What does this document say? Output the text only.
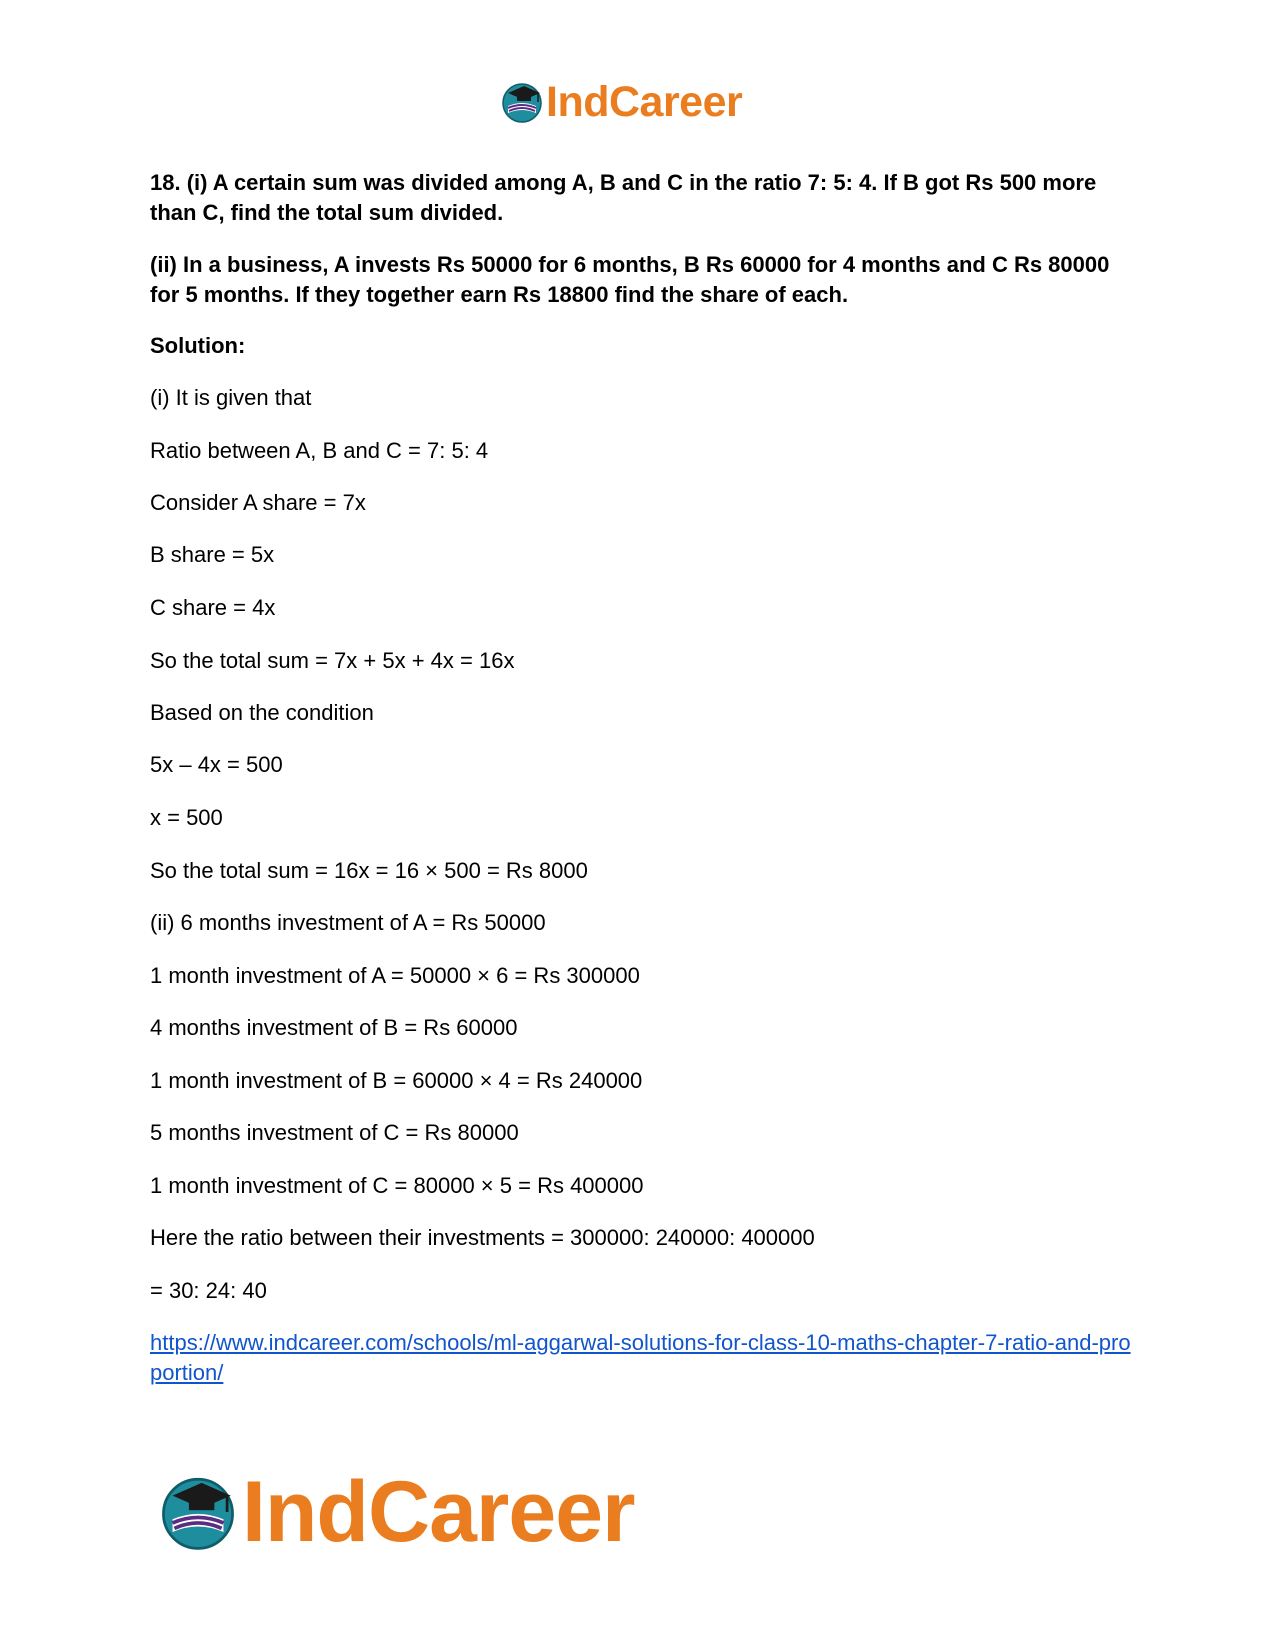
IndCareer
18. (i) A certain sum was divided among A, B and C in the ratio 7: 5: 4. If B got Rs 500 more than C, find the total sum divided.
(ii) In a business, A invests Rs 50000 for 6 months, B Rs 60000 for 4 months and C Rs 80000 for 5 months. If they together earn Rs 18800 find the share of each.
Solution:
(i) It is given that
Ratio between A, B and C = 7: 5: 4
Consider A share = 7x
B share = 5x
C share = 4x
So the total sum = 7x + 5x + 4x = 16x
Based on the condition
5x – 4x = 500
x = 500
So the total sum = 16x = 16 × 500 = Rs 8000
(ii) 6 months investment of A = Rs 50000
1 month investment of A = 50000 × 6 = Rs 300000
4 months investment of B = Rs 60000
1 month investment of B = 60000 × 4 = Rs 240000
5 months investment of C = Rs 80000
1 month investment of C = 80000 × 5 = Rs 400000
Here the ratio between their investments = 300000: 240000: 400000
= 30: 24: 40
https://www.indcareer.com/schools/ml-aggarwal-solutions-for-class-10-maths-chapter-7-ratio-and-proportion/
IndCareer
